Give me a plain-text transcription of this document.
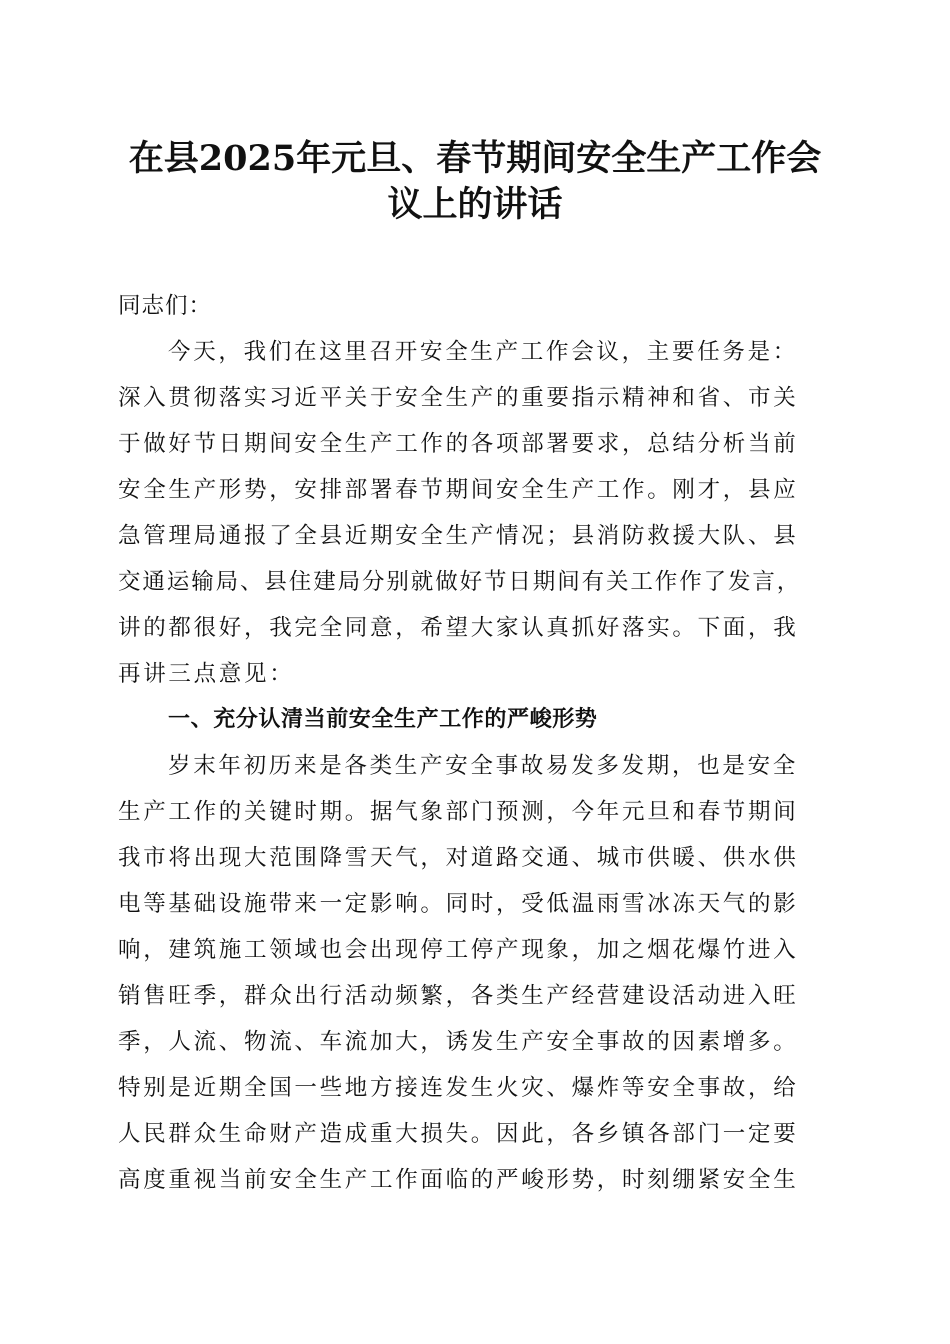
在县2025年元旦、春节期间安全生产工作会
议上的讲话
同志们：
今天，我们在这里召开安全生产工作会议，主要任务是：
深入贯彻落实习近平关于安全生产的重要指示精神和省、市关
于做好节日期间安全生产工作的各项部署要求，总结分析当前
安全生产形势，安排部署春节期间安全生产工作。刚才，县应
急管理局通报了全县近期安全生产情况；县消防救援大队、县
交通运输局、县住建局分别就做好节日期间有关工作作了发言，
讲的都很好，我完全同意，希望大家认真抓好落实。下面，我
再讲三点意见：
一、充分认清当前安全生产工作的严峻形势
岁末年初历来是各类生产安全事故易发多发期，也是安全
生产工作的关键时期。据气象部门预测，今年元旦和春节期间
我市将出现大范围降雪天气，对道路交通、城市供暖、供水供
电等基础设施带来一定影响。同时，受低温雨雪冰冻天气的影
响，建筑施工领域也会出现停工停产现象，加之烟花爆竹进入
销售旺季，群众出行活动频繁，各类生产经营建设活动进入旺
季，人流、物流、车流加大，诱发生产安全事故的因素增多。
特别是近期全国一些地方接连发生火灾、爆炸等安全事故，给
人民群众生命财产造成重大损失。因此，各乡镇各部门一定要
高度重视当前安全生产工作面临的严峻形势，时刻绷紧安全生
